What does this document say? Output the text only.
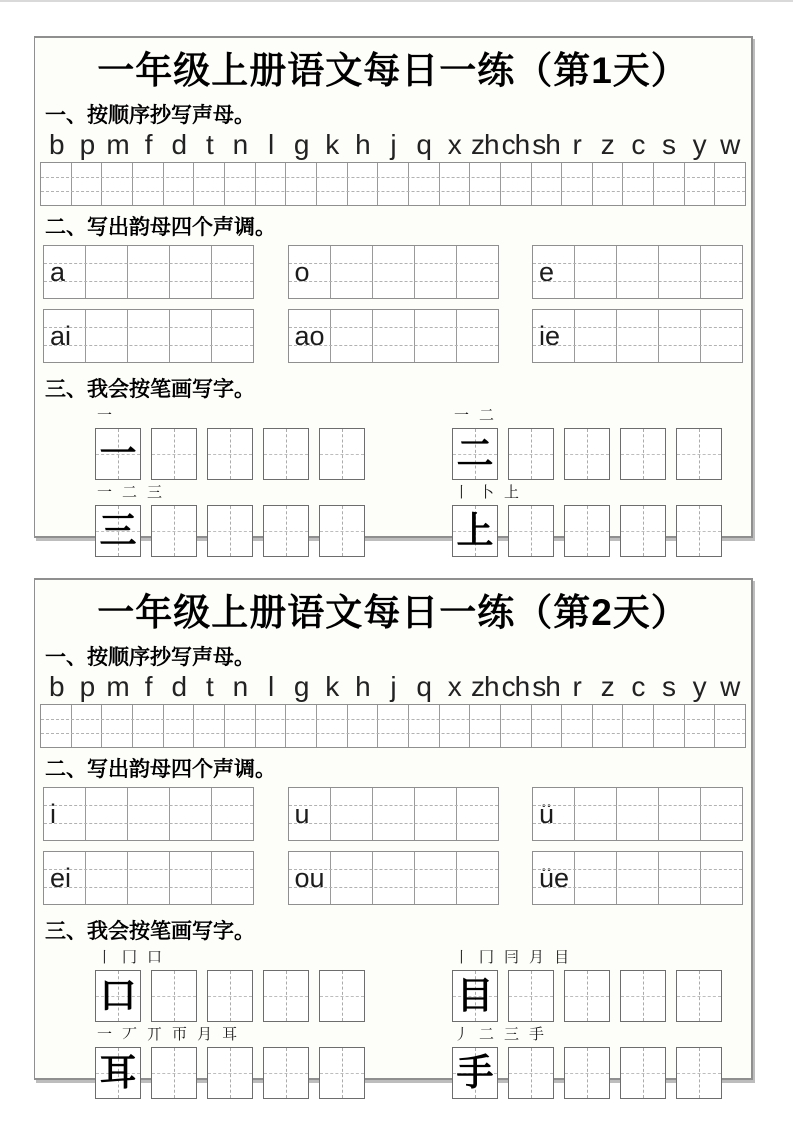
一年级上册语文每日一练（第1天）
一、按顺序抄写声母。
b p m f d t n l g k h j q x zh ch sh r z c s y w
二、写出韵母四个声调。
a	o	e
ai	ao	ie
三、我会按笔画写字。
一
一
一 二
二
一 二 三
三
丨 卜 上
上
一年级上册语文每日一练（第2天）
一、按顺序抄写声母。
b p m f d t n l g k h j q x zh ch sh r z c s y w
二、写出韵母四个声调。
i	u	ü
ei	ou	üe
三、我会按笔画写字。
丨 冂 口
口
丨 冂 冃 月 目
目
一 丆 丌 帀 月 耳
耳
丿 二 三 手
手
